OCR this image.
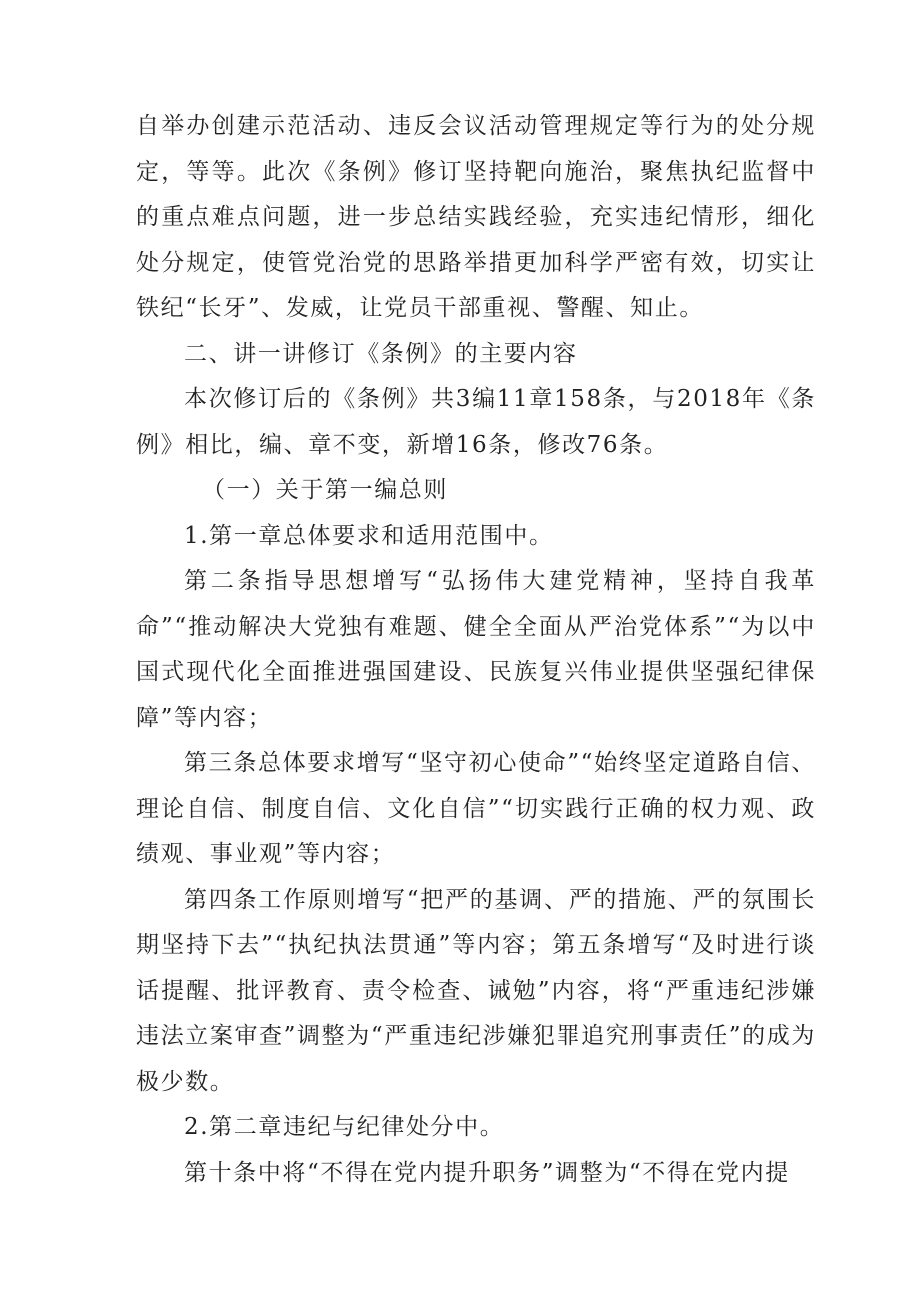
自举办创建示范活动、违反会议活动管理规定等行为的处分规定，等等。此次《条例》修订坚持靶向施治，聚焦执纪监督中的重点难点问题，进一步总结实践经验，充实违纪情形，细化处分规定，使管党治党的思路举措更加科学严密有效，切实让铁纪“长牙”、发威，让党员干部重视、警醒、知止。

二、讲一讲修订《条例》的主要内容

本次修订后的《条例》共3编11章158条，与2018年《条例》相比，编、章不变，新增16条，修改76条。

（一）关于第一编总则

1.第一章总体要求和适用范围中。

第二条指导思想增写“弘扬伟大建党精神，坚持自我革命”“推动解决大党独有难题、健全全面从严治党体系”“为以中国式现代化全面推进强国建设、民族复兴伟业提供坚强纪律保障”等内容；

第三条总体要求增写“坚守初心使命”“始终坚定道路自信、理论自信、制度自信、文化自信”“切实践行正确的权力观、政绩观、事业观”等内容；

第四条工作原则增写“把严的基调、严的措施、严的氛围长期坚持下去”“执纪执法贯通”等内容；第五条增写“及时进行谈话提醒、批评教育、责令检查、诫勉”内容，将“严重违纪涉嫌违法立案审查”调整为“严重违纪涉嫌犯罪追究刑事责任”的成为极少数。

2.第二章违纪与纪律处分中。

第十条中将“不得在党内提升职务”调整为“不得在党内提
